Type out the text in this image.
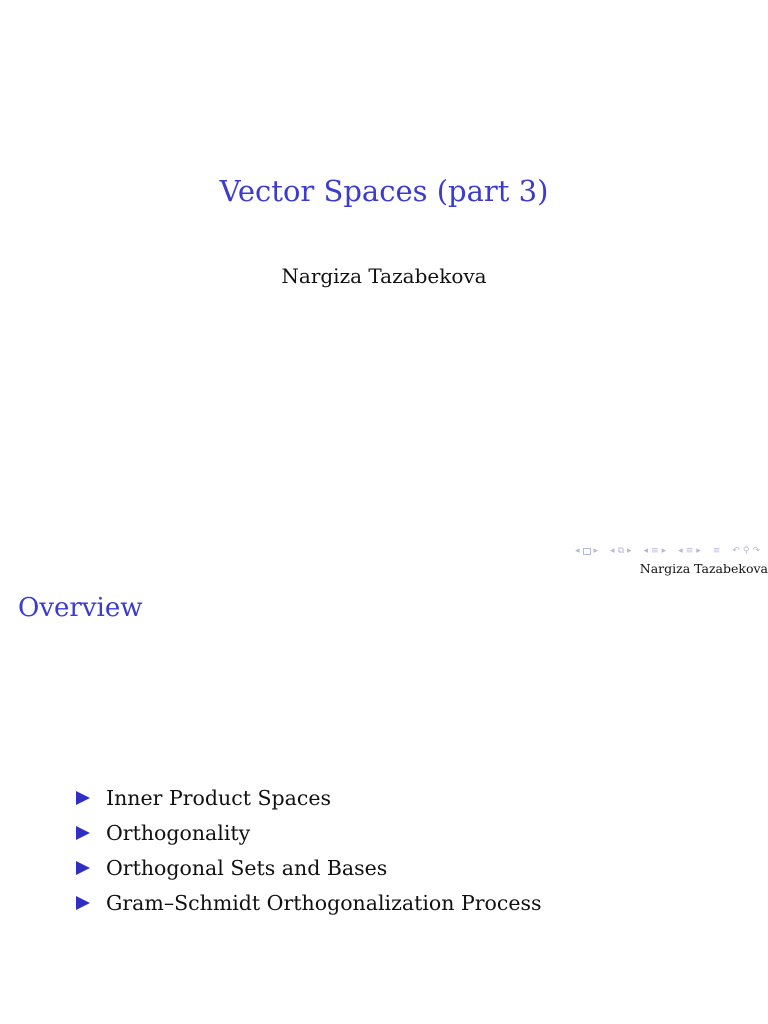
Vector Spaces (part 3)
Nargiza Tazabekova
◂ ▸ ◂ ⧉ ▸ ◂ ≡ ▸ ◂ ≡ ▸ ≡ ↶ ⚲ ↷
Nargiza Tazabekova
Overview
Inner Product Spaces
Orthogonality
Orthogonal Sets and Bases
Gram–Schmidt Orthogonalization Process
